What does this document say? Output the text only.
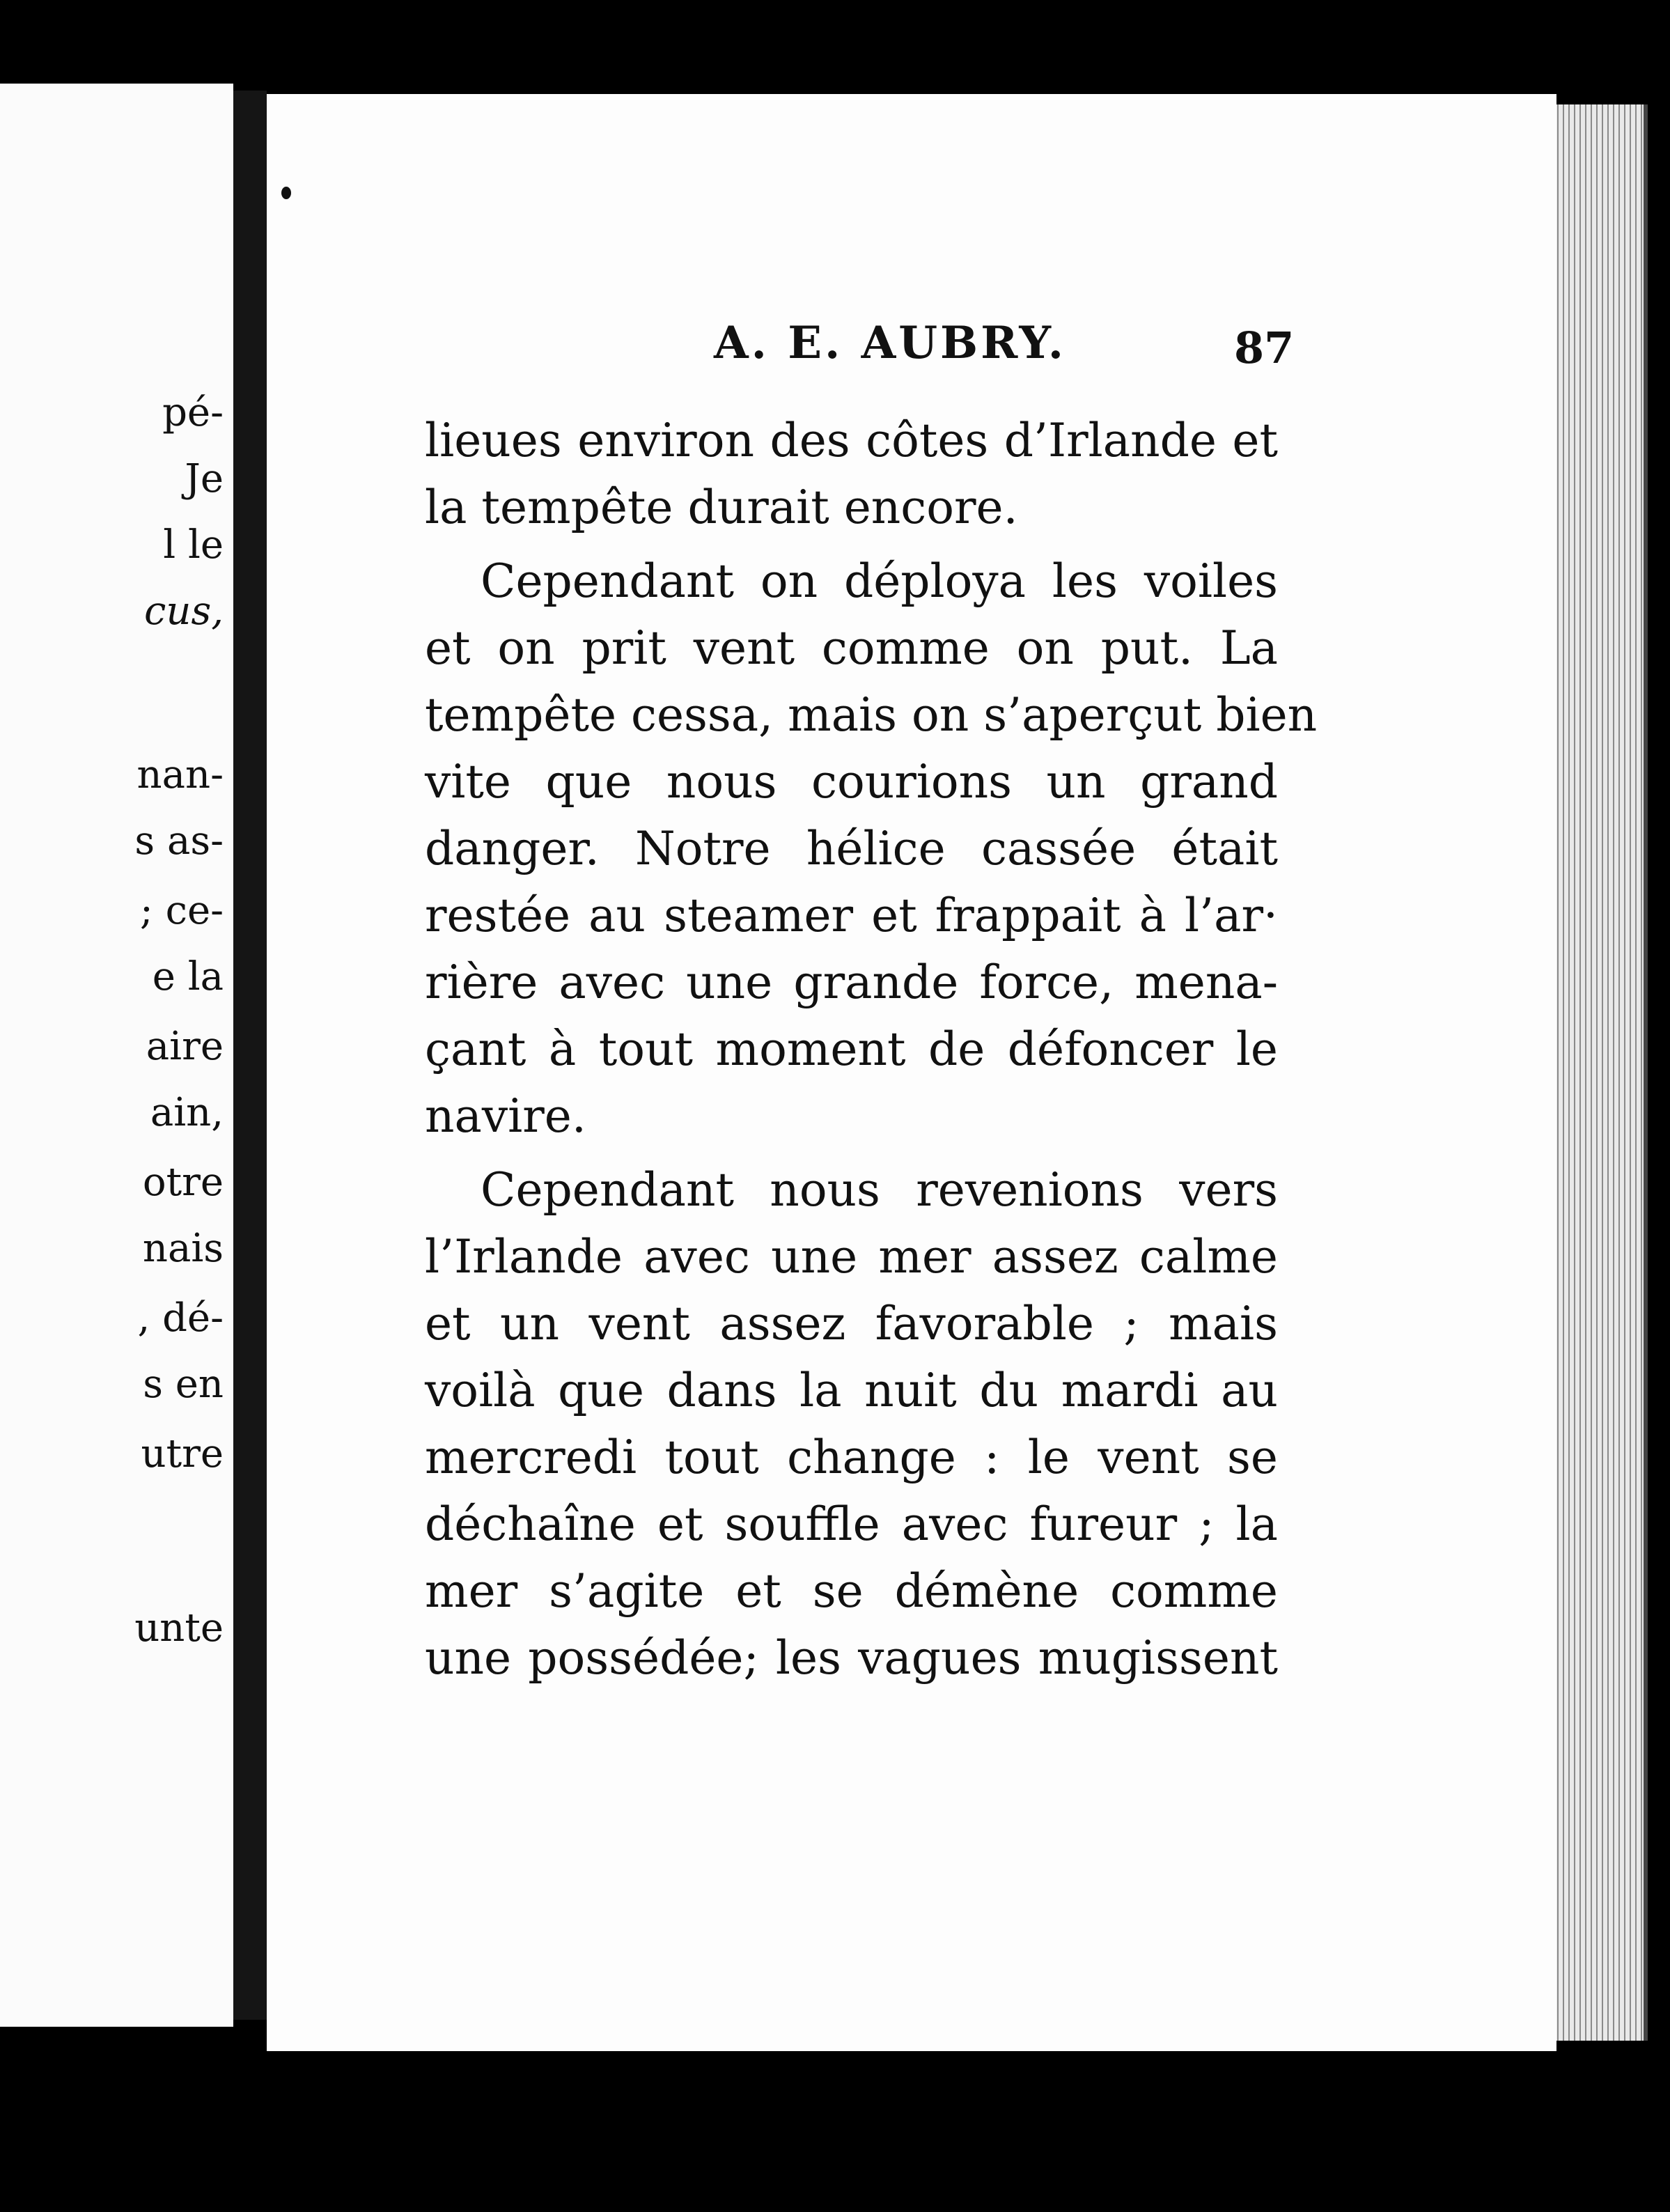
pé-
Je
l le
cus,
nan-
s as-
; ce-
e la
aire
ain,
otre
nais
, dé-
s en
utre
unte
A. E. AUBRY.	87
lieues environ des côtes d’Irlande et
la tempête durait encore.
Cependant on déploya les voiles
et on prit vent comme on put. La
tempête cessa, mais on s’aperçut bien
vite que nous courions un grand
danger. Notre hélice cassée était
restée au steamer et frappait à l’ar·
rière avec une grande force, mena-
çant à tout moment de défoncer le
navire.
Cependant nous revenions vers
l’Irlande avec une mer assez calme
et un vent assez favorable ; mais
voilà que dans la nuit du mardi au
mercredi tout change : le vent se
déchaîne et souffle avec fureur ; la
mer s’agite et se démène comme
une possédée; les vagues mugissent
